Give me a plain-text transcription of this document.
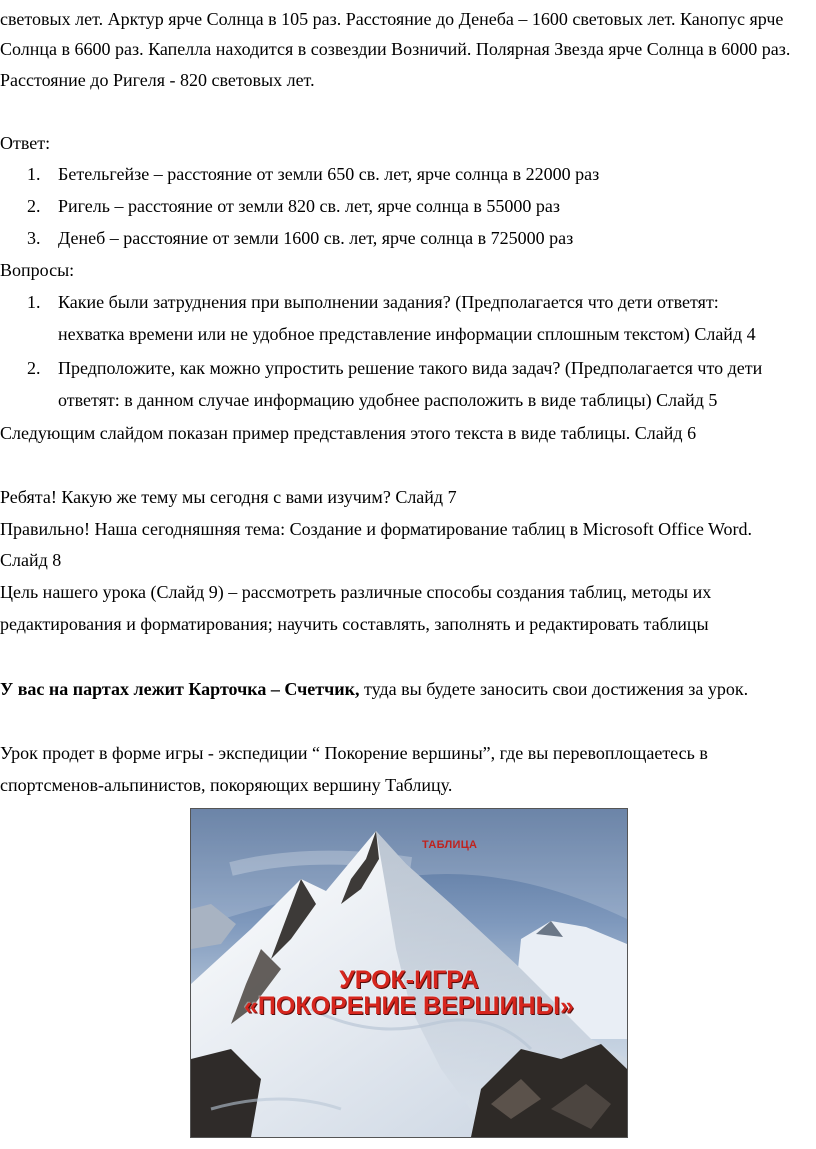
световых лет. Арктур ярче Солнца в 105 раз. Расстояние до Денеба – 1600 световых лет. Канопус ярче
Солнца в 6600 раз. Капелла находится в созвездии Возничий. Полярная Звезда ярче Солнца в 6000 раз.
Расстояние до Ригеля - 820 световых лет.
Ответ:
1. Бетельгейзе – расстояние от земли 650 св. лет, ярче солнца в 22000 раз
2. Ригель – расстояние от земли 820 св. лет, ярче солнца в 55000 раз
3. Денеб – расстояние от земли 1600 св. лет, ярче солнца в 725000 раз
Вопросы:
1. Какие были затруднения при выполнении задания? (Предполагается что дети ответят:
нехватка времени или не удобное представление информации сплошным текстом) Слайд 4
2. Предположите, как можно упростить решение такого вида задач? (Предполагается что дети
ответят: в данном случае информацию удобнее расположить в виде таблицы) Слайд 5
Следующим слайдом показан пример представления этого текста в виде таблицы. Слайд 6
Ребята! Какую же тему мы сегодня с вами изучим? Слайд 7
Правильно! Наша сегодняшняя тема: Создание и форматирование таблиц в Microsoft Office Word.
Слайд 8
Цель нашего урока (Слайд 9) – рассмотреть различные способы создания таблиц, методы их
редактирования и форматирования; научить составлять, заполнять и редактировать таблицы
У вас на партах лежит Карточка – Счетчик, туда вы будете заносить свои достижения за урок.
Урок продет в форме игры - экспедиции “ Покорение вершины”, где вы перевоплощаетесь в
спортсменов-альпинистов, покоряющих вершину Таблицу.
ТАБЛИЦА
УРОК-ИГРА
«ПОКОРЕНИЕ ВЕРШИНЫ»
